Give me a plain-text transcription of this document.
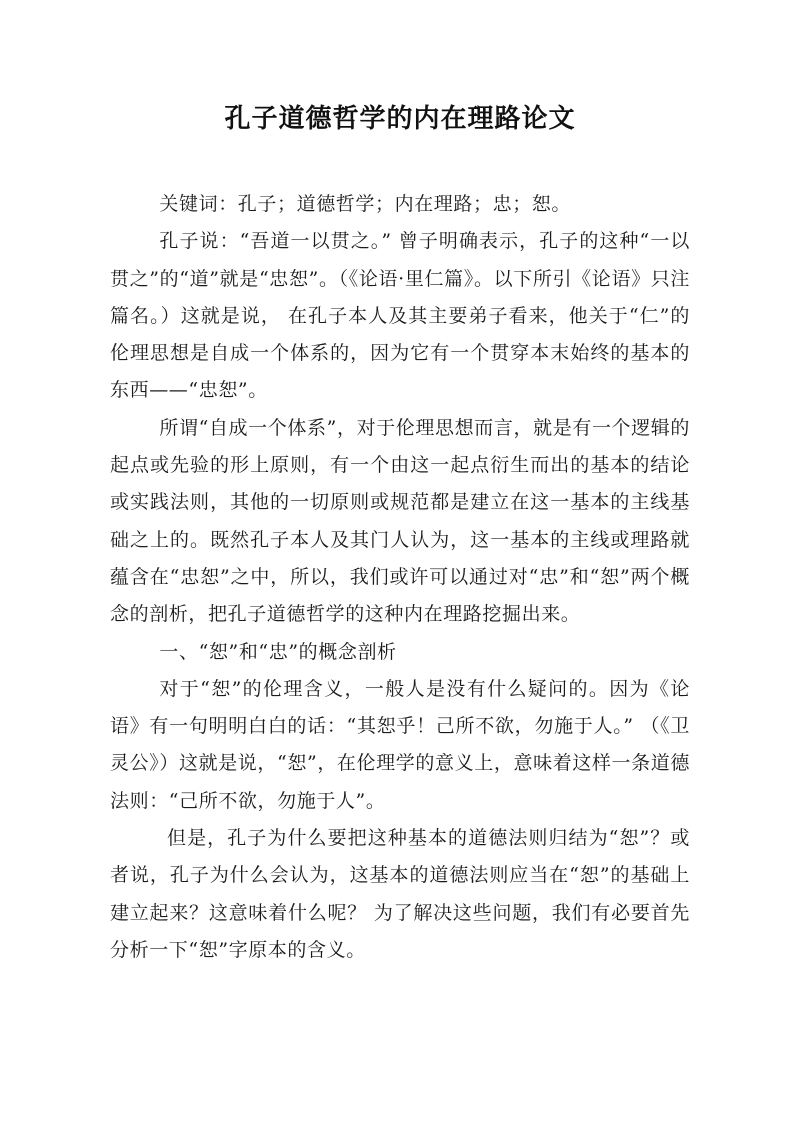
孔子道德哲学的内在理路论文

关键词：孔子；道德哲学；内在理路；忠；恕。

孔子说：“吾道一以贯之。” 曾子明确表示，孔子的这种“一以贯之”的“道”就是“忠恕”。（《论语·里仁篇》。以下所引《论语》只注篇名。）这就是说， 在孔子本人及其主要弟子看来，他关于“仁”的伦理思想是自成一个体系的，因为它有一个贯穿本末始终的基本的东西——“忠恕”。

所谓“自成一个体系”，对于伦理思想而言，就是有一个逻辑的起点或先验的形上原则，有一个由这一起点衍生而出的基本的结论或实践法则，其他的一切原则或规范都是建立在这一基本的主线基础之上的。既然孔子本人及其门人认为，这一基本的主线或理路就蕴含在“忠恕”之中，所以，我们或许可以通过对“忠”和“恕”两个概念的剖析，把孔子道德哲学的这种内在理路挖掘出来。

一、“恕”和“忠”的概念剖析

对于“恕”的伦理含义，一般人是没有什么疑问的。因为《论语》有一句明明白白的话：“其恕乎！己所不欲，勿施于人。” （《卫灵公》）这就是说，“恕”，在伦理学的意义上，意味着这样一条道德法则：“己所不欲，勿施于人”。

但是，孔子为什么要把这种基本的道德法则归结为“恕”？或者说，孔子为什么会认为，这基本的道德法则应当在“恕”的基础上建立起来？这意味着什么呢？ 为了解决这些问题，我们有必要首先分析一下“恕”字原本的含义。
